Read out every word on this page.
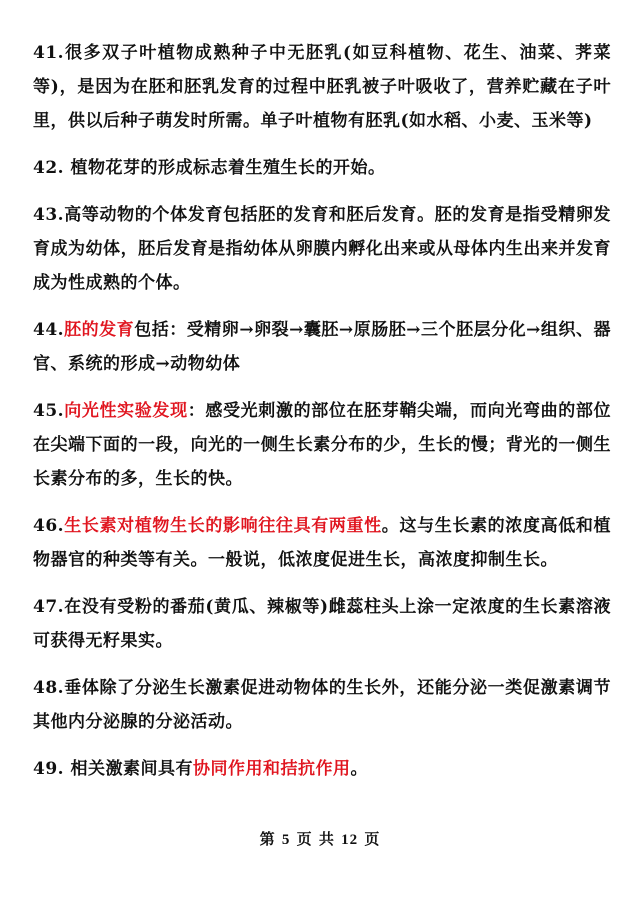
41.很多双子叶植物成熟种子中无胚乳(如豆科植物、花生、油菜、荠菜等)，是因为在胚和胚乳发育的过程中胚乳被子叶吸收了，营养贮藏在子叶里，供以后种子萌发时所需。单子叶植物有胚乳(如水稻、小麦、玉米等)

42. 植物花芽的形成标志着生殖生长的开始。

43.高等动物的个体发育包括胚的发育和胚后发育。胚的发育是指受精卵发育成为幼体，胚后发育是指幼体从卵膜内孵化出来或从母体内生出来并发育成为性成熟的个体。

44.胚的发育包括：受精卵→卵裂→囊胚→原肠胚→三个胚层分化→组织、器官、系统的形成→动物幼体

45.向光性实验发现：感受光刺激的部位在胚芽鞘尖端，而向光弯曲的部位在尖端下面的一段，向光的一侧生长素分布的少，生长的慢；背光的一侧生长素分布的多，生长的快。

46.生长素对植物生长的影响往往具有两重性。这与生长素的浓度高低和植物器官的种类等有关。一般说，低浓度促进生长，高浓度抑制生长。

47.在没有受粉的番茄(黄瓜、辣椒等)雌蕊柱头上涂一定浓度的生长素溶液可获得无籽果实。

48.垂体除了分泌生长激素促进动物体的生长外，还能分泌一类促激素调节其他内分泌腺的分泌活动。

49. 相关激素间具有协同作用和拮抗作用。

第 5 页 共 12 页
